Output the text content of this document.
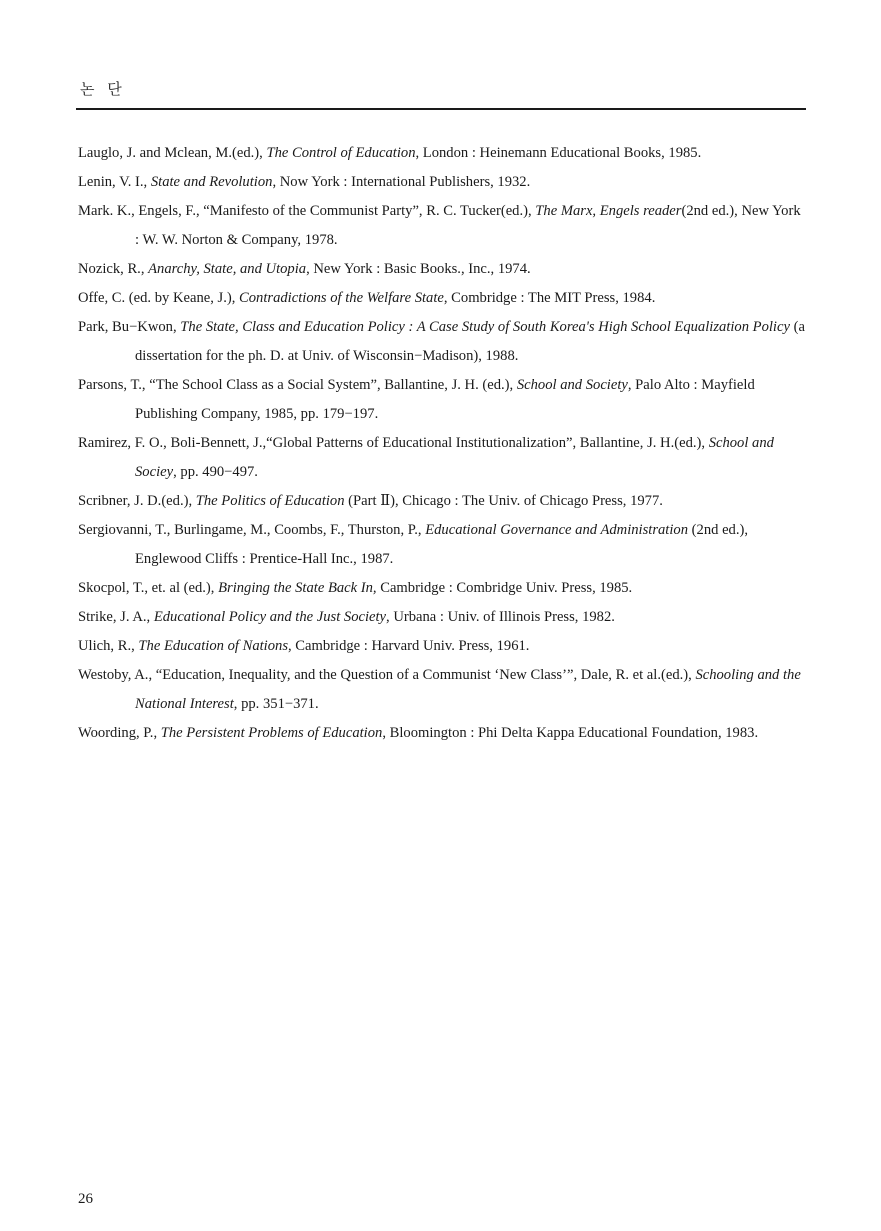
논 단
Lauglo, J. and Mclean, M.(ed.), The Control of Education, London : Heinemann Educational Books, 1985.
Lenin, V. I., State and Revolution, Now York : International Publishers, 1932.
Mark. K., Engels, F., “Manifesto of the Communist Party”, R. C. Tucker(ed.), The Marx, Engels reader(2nd ed.), New York : W. W. Norton & Company, 1978.
Nozick, R., Anarchy, State, and Utopia, New York : Basic Books., Inc., 1974.
Offe, C. (ed. by Keane, J.), Contradictions of the Welfare State, Combridge : The MIT Press, 1984.
Park, Bu−Kwon, The State, Class and Education Policy : A Case Study of South Korea's High School Equalization Policy (a dissertation for the ph. D. at Univ. of Wisconsin−Madison), 1988.
Parsons, T., “The School Class as a Social System”, Ballantine, J. H. (ed.), School and Society, Palo Alto : Mayfield Publishing Company, 1985, pp. 179−197.
Ramirez, F. O., Boli-Bennett, J.,“Global Patterns of Educational Institutionalization”, Ballantine, J. H.(ed.), School and Sociey, pp. 490−497.
Scribner, J. D.(ed.), The Politics of Education (Part Ⅱ), Chicago : The Univ. of Chicago Press, 1977.
Sergiovanni, T., Burlingame, M., Coombs, F., Thurston, P., Educational Governance and Administration (2nd ed.), Englewood Cliffs : Prentice-Hall Inc., 1987.
Skocpol, T., et. al (ed.), Bringing the State Back In, Cambridge : Combridge Univ. Press, 1985.
Strike, J. A., Educational Policy and the Just Society, Urbana : Univ. of Illinois Press, 1982.
Ulich, R., The Education of Nations, Cambridge : Harvard Univ. Press, 1961.
Westoby, A., “Education, Inequality, and the Question of a Communist ‘New Class’”, Dale, R. et al.(ed.), Schooling and the National Interest, pp. 351−371.
Woording, P., The Persistent Problems of Education, Bloomington : Phi Delta Kappa Educational Foundation, 1983.
26
